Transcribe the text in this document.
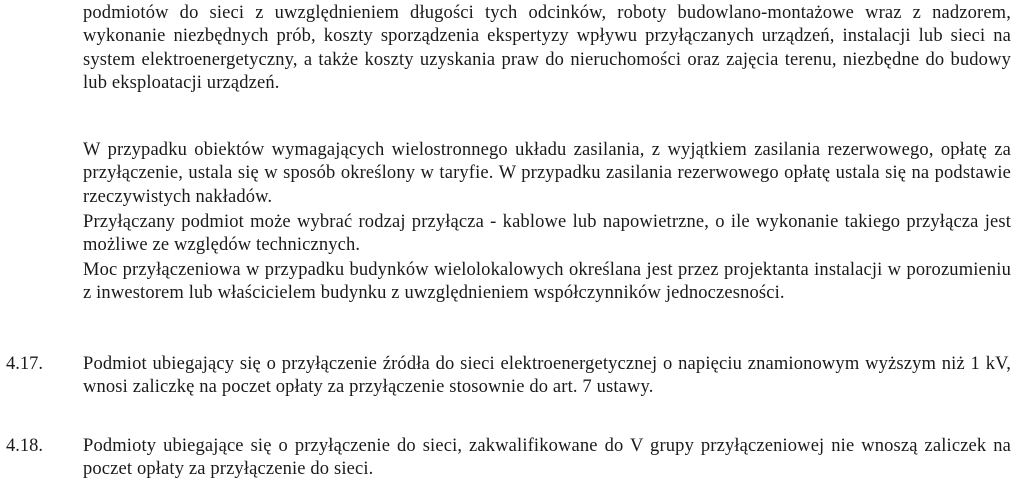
podmiotów do sieci z uwzględnieniem długości tych odcinków, roboty budowlano-montażowe wraz z nadzorem, wykonanie niezbędnych prób, koszty sporządzenia ekspertyzy wpływu przyłączanych urządzeń, instalacji lub sieci na system elektroenergetyczny, a także koszty uzyskania praw do nieruchomości oraz zajęcia terenu, niezbędne do budowy lub eksploatacji urządzeń.
W przypadku obiektów wymagających wielostronnego układu zasilania, z wyjątkiem zasilania rezerwowego, opłatę za przyłączenie, ustala się w sposób określony w taryfie. W przypadku zasilania rezerwowego opłatę ustala się na podstawie rzeczywistych nakładów.
Przyłączany podmiot może wybrać rodzaj przyłącza - kablowe lub napowietrzne, o ile wykonanie takiego przyłącza jest możliwe ze względów technicznych.
Moc przyłączeniowa w przypadku budynków wielolokalowych określana jest przez projektanta instalacji w porozumieniu z inwestorem lub właścicielem budynku z uwzględnieniem współczynników jednoczesności.
4.17. Podmiot ubiegający się o przyłączenie źródła do sieci elektroenergetycznej o napięciu znamionowym wyższym niż 1 kV, wnosi zaliczkę na poczet opłaty za przyłączenie stosownie do art. 7 ustawy.
4.18. Podmioty ubiegające się o przyłączenie do sieci, zakwalifikowane do V grupy przyłączeniowej nie wnoszą zaliczek na poczet opłaty za przyłączenie do sieci.
